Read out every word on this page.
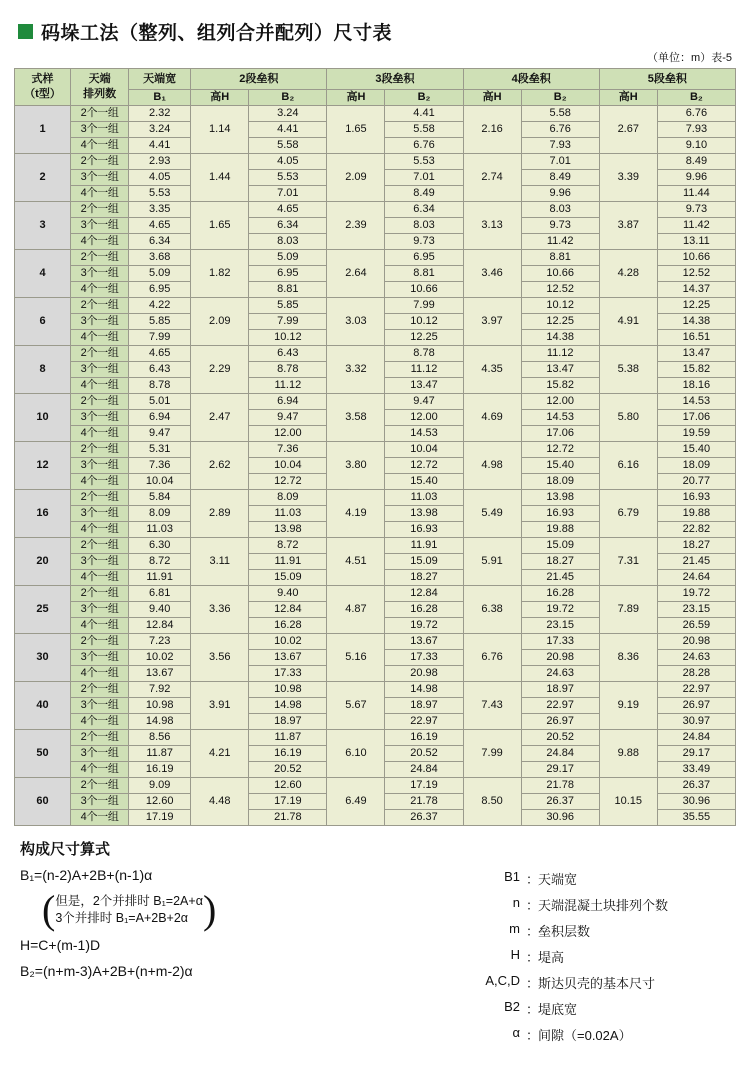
码垛工法（整列、组列合并配列）尺寸表
（单位：m）表-5
式样
（t型）

天端
排列数
	天端宽	2段垒积	3段垒积	4段垒积	5段垒积
		B₁	高H	B₂	高H	B₂	高H	B₂	高H	B₂
1	2个一组	2.32	1.14	3.24	1.65	4.41	2.16	5.58	2.67	6.76
	3个一组	3.24		4.41		5.58		6.76		7.93
	4个一组	4.41		5.58		6.76		7.93		9.10
2	2个一组	2.93	1.44	4.05	2.09	5.53	2.74	7.01	3.39	8.49
	3个一组	4.05		5.53		7.01		8.49		9.96
	4个一组	5.53		7.01		8.49		9.96		11.44
3	2个一组	3.35	1.65	4.65	2.39	6.34	3.13	8.03	3.87	9.73
	3个一组	4.65		6.34		8.03		9.73		11.42
	4个一组	6.34		8.03		9.73		11.42		13.11
4	2个一组	3.68	1.82	5.09	2.64	6.95	3.46	8.81	4.28	10.66
	3个一组	5.09		6.95		8.81		10.66		12.52
	4个一组	6.95		8.81		10.66		12.52		14.37
6	2个一组	4.22	2.09	5.85	3.03	7.99	3.97	10.12	4.91	12.25
	3个一组	5.85		7.99		10.12		12.25		14.38
	4个一组	7.99		10.12		12.25		14.38		16.51
8	2个一组	4.65	2.29	6.43	3.32	8.78	4.35	11.12	5.38	13.47
	3个一组	6.43		8.78		11.12		13.47		15.82
	4个一组	8.78		11.12		13.47		15.82		18.16
10	2个一组	5.01	2.47	6.94	3.58	9.47	4.69	12.00	5.80	14.53
	3个一组	6.94		9.47		12.00		14.53		17.06
	4个一组	9.47		12.00		14.53		17.06		19.59
12	2个一组	5.31	2.62	7.36	3.80	10.04	4.98	12.72	6.16	15.40
	3个一组	7.36		10.04		12.72		15.40		18.09
	4个一组	10.04		12.72		15.40		18.09		20.77
16	2个一组	5.84	2.89	8.09	4.19	11.03	5.49	13.98	6.79	16.93
	3个一组	8.09		11.03		13.98		16.93		19.88
	4个一组	11.03		13.98		16.93		19.88		22.82
20	2个一组	6.30	3.11	8.72	4.51	11.91	5.91	15.09	7.31	18.27
	3个一组	8.72		11.91		15.09		18.27		21.45
	4个一组	11.91		15.09		18.27		21.45		24.64
25	2个一组	6.81	3.36	9.40	4.87	12.84	6.38	16.28	7.89	19.72
	3个一组	9.40		12.84		16.28		19.72		23.15
	4个一组	12.84		16.28		19.72		23.15		26.59
30	2个一组	7.23	3.56	10.02	5.16	13.67	6.76	17.33	8.36	20.98
	3个一组	10.02		13.67		17.33		20.98		24.63
	4个一组	13.67		17.33		20.98		24.63		28.28
40	2个一组	7.92	3.91	10.98	5.67	14.98	7.43	18.97	9.19	22.97
	3个一组	10.98		14.98		18.97		22.97		26.97
	4个一组	14.98		18.97		22.97		26.97		30.97
50	2个一组	8.56	4.21	11.87	6.10	16.19	7.99	20.52	9.88	24.84
	3个一组	11.87		16.19		20.52		24.84		29.17
	4个一组	16.19		20.52		24.84		29.17		33.49
60	2个一组	9.09	4.48	12.60	6.49	17.19	8.50	21.78	10.15	26.37
	3个一组	12.60		17.19		21.78		26.37		30.96
	4个一组	17.19		21.78		26.37		30.96		35.55
构成尺寸算式
B₁=(n-2)A+2B+(n-1)α
( 但是，2个并排时 B₁=2A+α
3个并排时 B₁=A+2B+2α )
H=C+(m-1)D
B₂=(n+m-3)A+2B+(n+m-2)α
B1 ：
天端宽
n ：
天端混凝土块排列个数
m ：
垒积层数
H ：
堤高
A,C,D ：
斯达贝壳的基本尺寸
B2 ：
堤底宽
α ：
间隙（=0.02A）
